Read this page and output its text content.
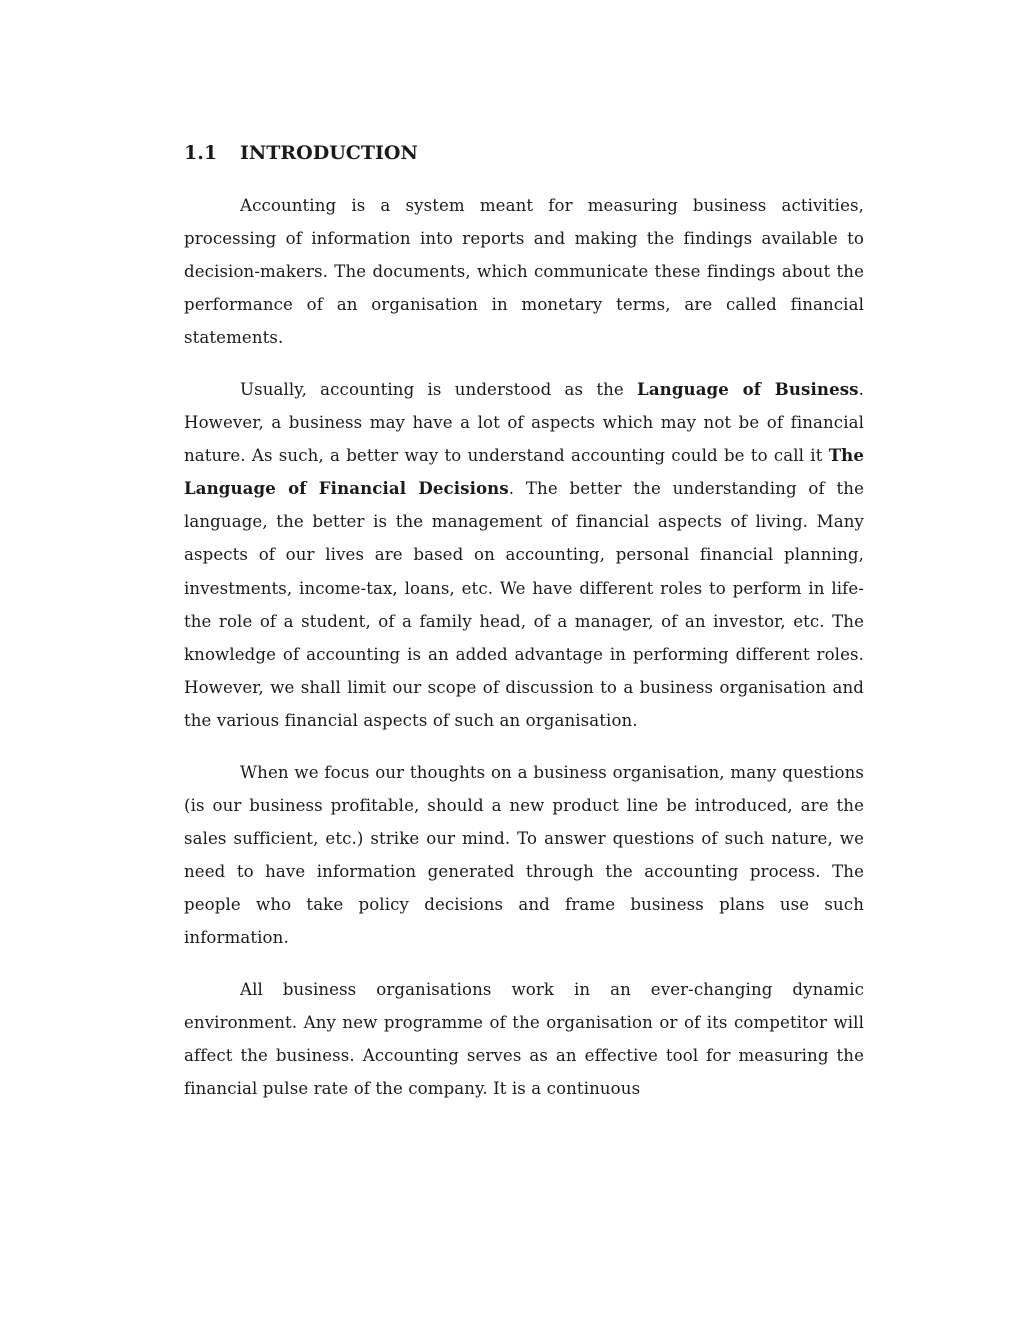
1.1 INTRODUCTION

Accounting is a system meant for measuring business activities, processing of information into reports and making the findings available to decision-makers. The documents, which communicate these findings about the performance of an organisation in monetary terms, are called financial statements.

Usually, accounting is understood as the Language of Business. However, a business may have a lot of aspects which may not be of financial nature. As such, a better way to understand accounting could be to call it The Language of Financial Decisions. The better the understanding of the language, the better is the management of financial aspects of living. Many aspects of our lives are based on accounting, personal financial planning, investments, income-tax, loans, etc. We have different roles to perform in life-the role of a student, of a family head, of a manager, of an investor, etc. The knowledge of accounting is an added advantage in performing different roles. However, we shall limit our scope of discussion to a business organisation and the various financial aspects of such an organisation.

When we focus our thoughts on a business organisation, many questions (is our business profitable, should a new product line be introduced, are the sales sufficient, etc.) strike our mind. To answer questions of such nature, we need to have information generated through the accounting process. The people who take policy decisions and frame business plans use such information.

All business organisations work in an ever-changing dynamic environment. Any new programme of the organisation or of its competitor will affect the business. Accounting serves as an effective tool for measuring the financial pulse rate of the company. It is a continuous
